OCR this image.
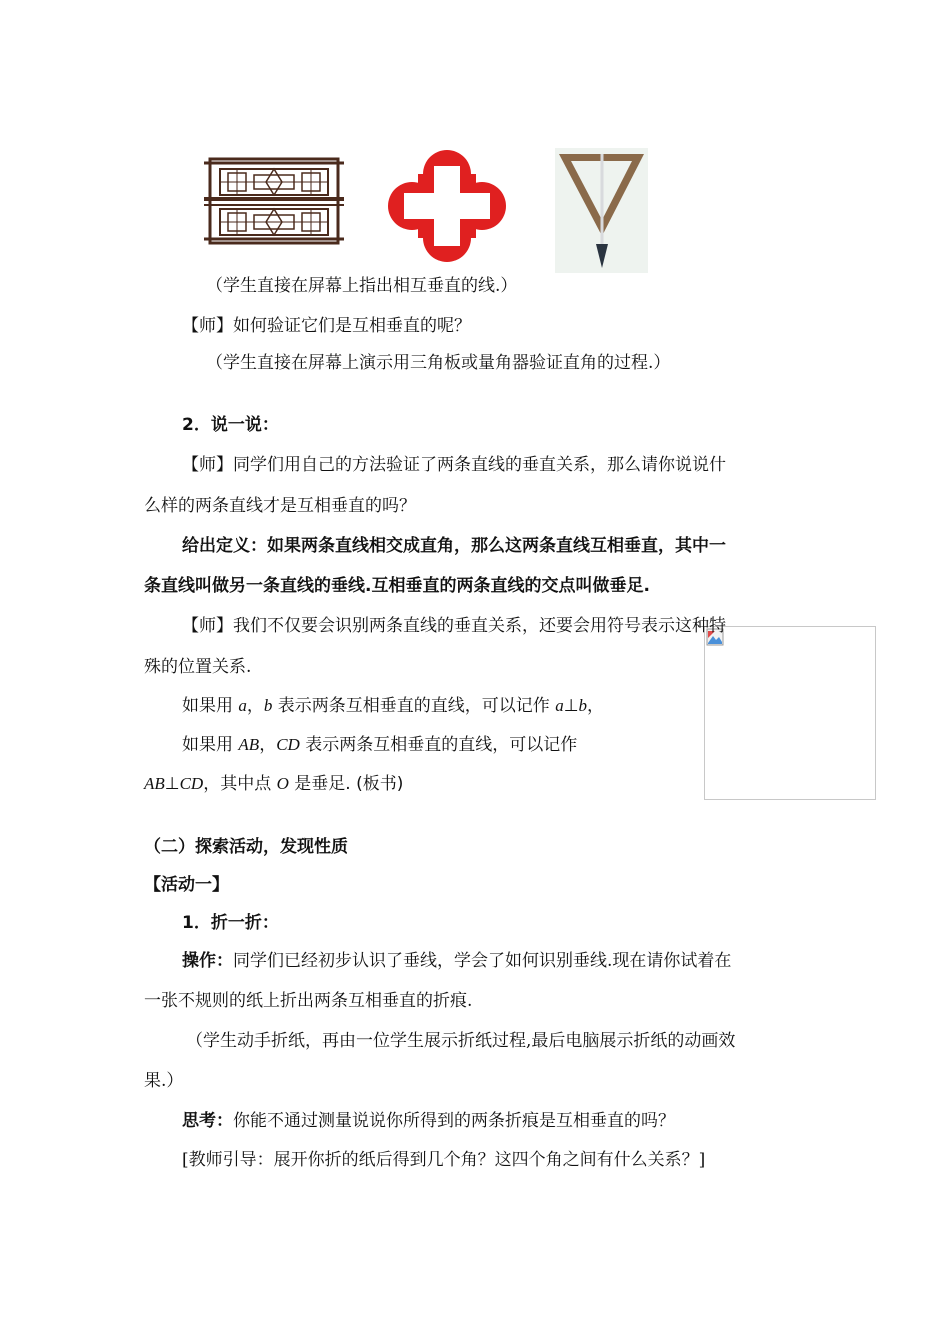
（学生直接在屏幕上指出相互垂直的线.）
【师】如何验证它们是互相垂直的呢？
（学生直接在屏幕上演示用三角板或量角器验证直角的过程.）
2．说一说：
【师】同学们用自己的方法验证了两条直线的垂直关系，那么请你说说什
么样的两条直线才是互相垂直的吗？
给出定义：如果两条直线相交成直角，那么这两条直线互相垂直，其中一
条直线叫做另一条直线的垂线.互相垂直的两条直线的交点叫做垂足.
【师】我们不仅要会识别两条直线的垂直关系，还要会用符号表示这种特
殊的位置关系.
如果用 a，b 表示两条互相垂直的直线，可以记作 a⊥b，
如果用 AB，CD 表示两条互相垂直的直线，可以记作
AB⊥CD，其中点 O 是垂足. (板书)
（二）探索活动，发现性质
【活动一】
1．折一折：
操作：同学们已经初步认识了垂线，学会了如何识别垂线.现在请你试着在
一张不规则的纸上折出两条互相垂直的折痕.
（学生动手折纸，再由一位学生展示折纸过程,最后电脑展示折纸的动画效
果.）
思考：你能不通过测量说说你所得到的两条折痕是互相垂直的吗？
[教师引导：展开你折的纸后得到几个角？这四个角之间有什么关系？]
